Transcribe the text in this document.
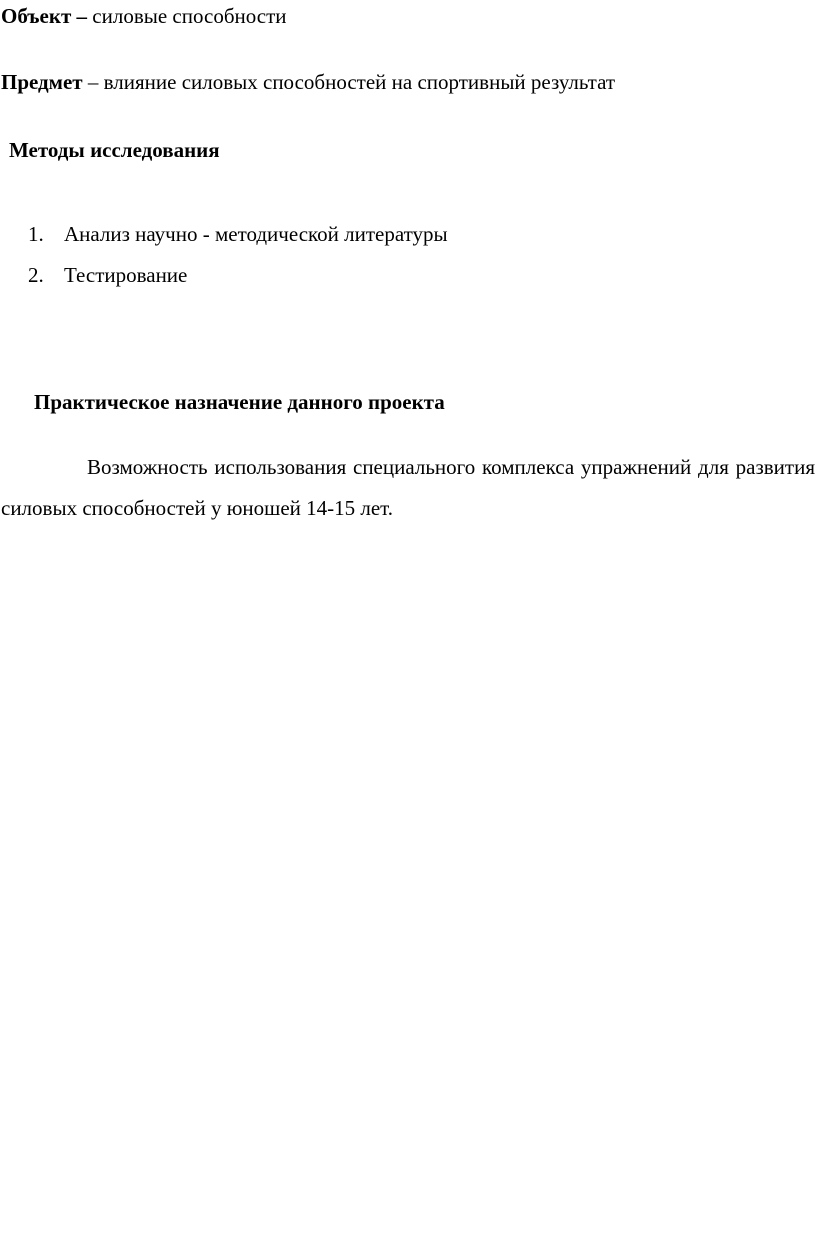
Объект – силовые способности
Предмет – влияние силовых способностей на спортивный результат
Методы исследования
1. Анализ научно - методической литературы
2. Тестирование
Практическое назначение данного проекта
Возможность использования специального комплекса упражнений для развития силовых способностей у юношей 14-15 лет.
